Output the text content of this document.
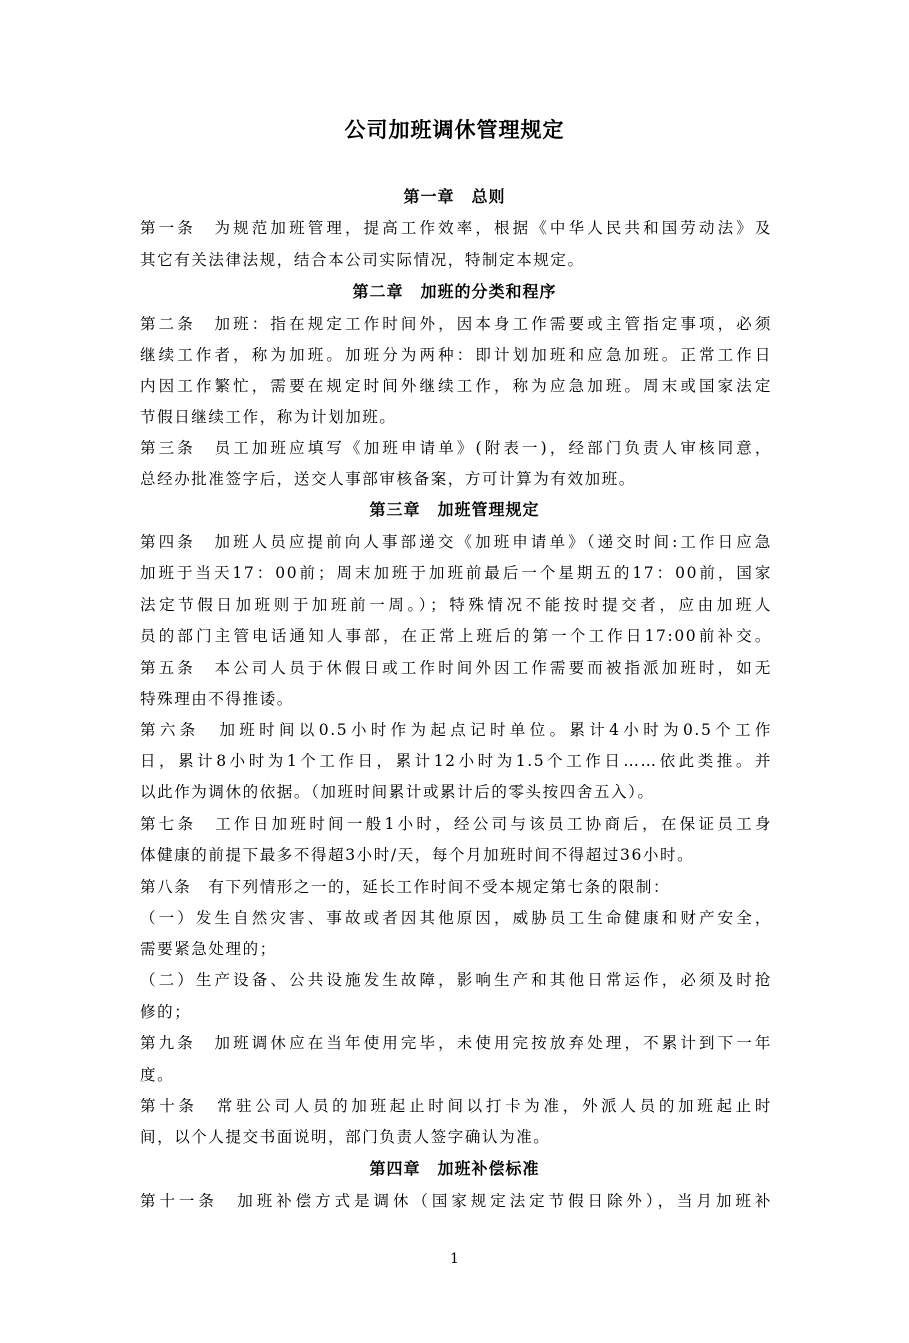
公司加班调休管理规定
第一章　总则
第一条　为规范加班管理，提高工作效率，根据《中华人民共和国劳动法》及
其它有关法律法规，结合本公司实际情况，特制定本规定。
第二章　加班的分类和程序
第二条　加班：指在规定工作时间外，因本身工作需要或主管指定事项，必须
继续工作者，称为加班。加班分为两种：即计划加班和应急加班。正常工作日
内因工作繁忙，需要在规定时间外继续工作，称为应急加班。周末或国家法定
节假日继续工作，称为计划加班。
第三条　员工加班应填写《加班申请单》(附表一)，经部门负责人审核同意，
总经办批准签字后，送交人事部审核备案，方可计算为有效加班。
第三章　加班管理规定
第四条　加班人员应提前向人事部递交《加班申请单》（递交时间:工作日应急
加班于当天17：00前；周末加班于加班前最后一个星期五的17：00前，国家
法定节假日加班则于加班前一周。）；特殊情况不能按时提交者，应由加班人
员的部门主管电话通知人事部，在正常上班后的第一个工作日17:00前补交。
第五条　本公司人员于休假日或工作时间外因工作需要而被指派加班时，如无
特殊理由不得推诿。
第六条　加班时间以0.5小时作为起点记时单位。累计4小时为0.5个工作
日，累计8小时为1个工作日，累计12小时为1.5个工作日……依此类推。并
以此作为调休的依据。（加班时间累计或累计后的零头按四舍五入）。
第七条　工作日加班时间一般1小时，经公司与该员工协商后，在保证员工身
体健康的前提下最多不得超3小时/天，每个月加班时间不得超过36小时。
第八条　有下列情形之一的，延长工作时间不受本规定第七条的限制：
（一）发生自然灾害、事故或者因其他原因，威胁员工生命健康和财产安全，
需要紧急处理的；
（二）生产设备、公共设施发生故障，影响生产和其他日常运作，必须及时抢
修的；
第九条　加班调休应在当年使用完毕，未使用完按放弃处理，不累计到下一年
度。
第十条　常驻公司人员的加班起止时间以打卡为准，外派人员的加班起止时
间，以个人提交书面说明，部门负责人签字确认为准。
第四章　加班补偿标准
第十一条　加班补偿方式是调休（国家规定法定节假日除外），当月加班补
1
